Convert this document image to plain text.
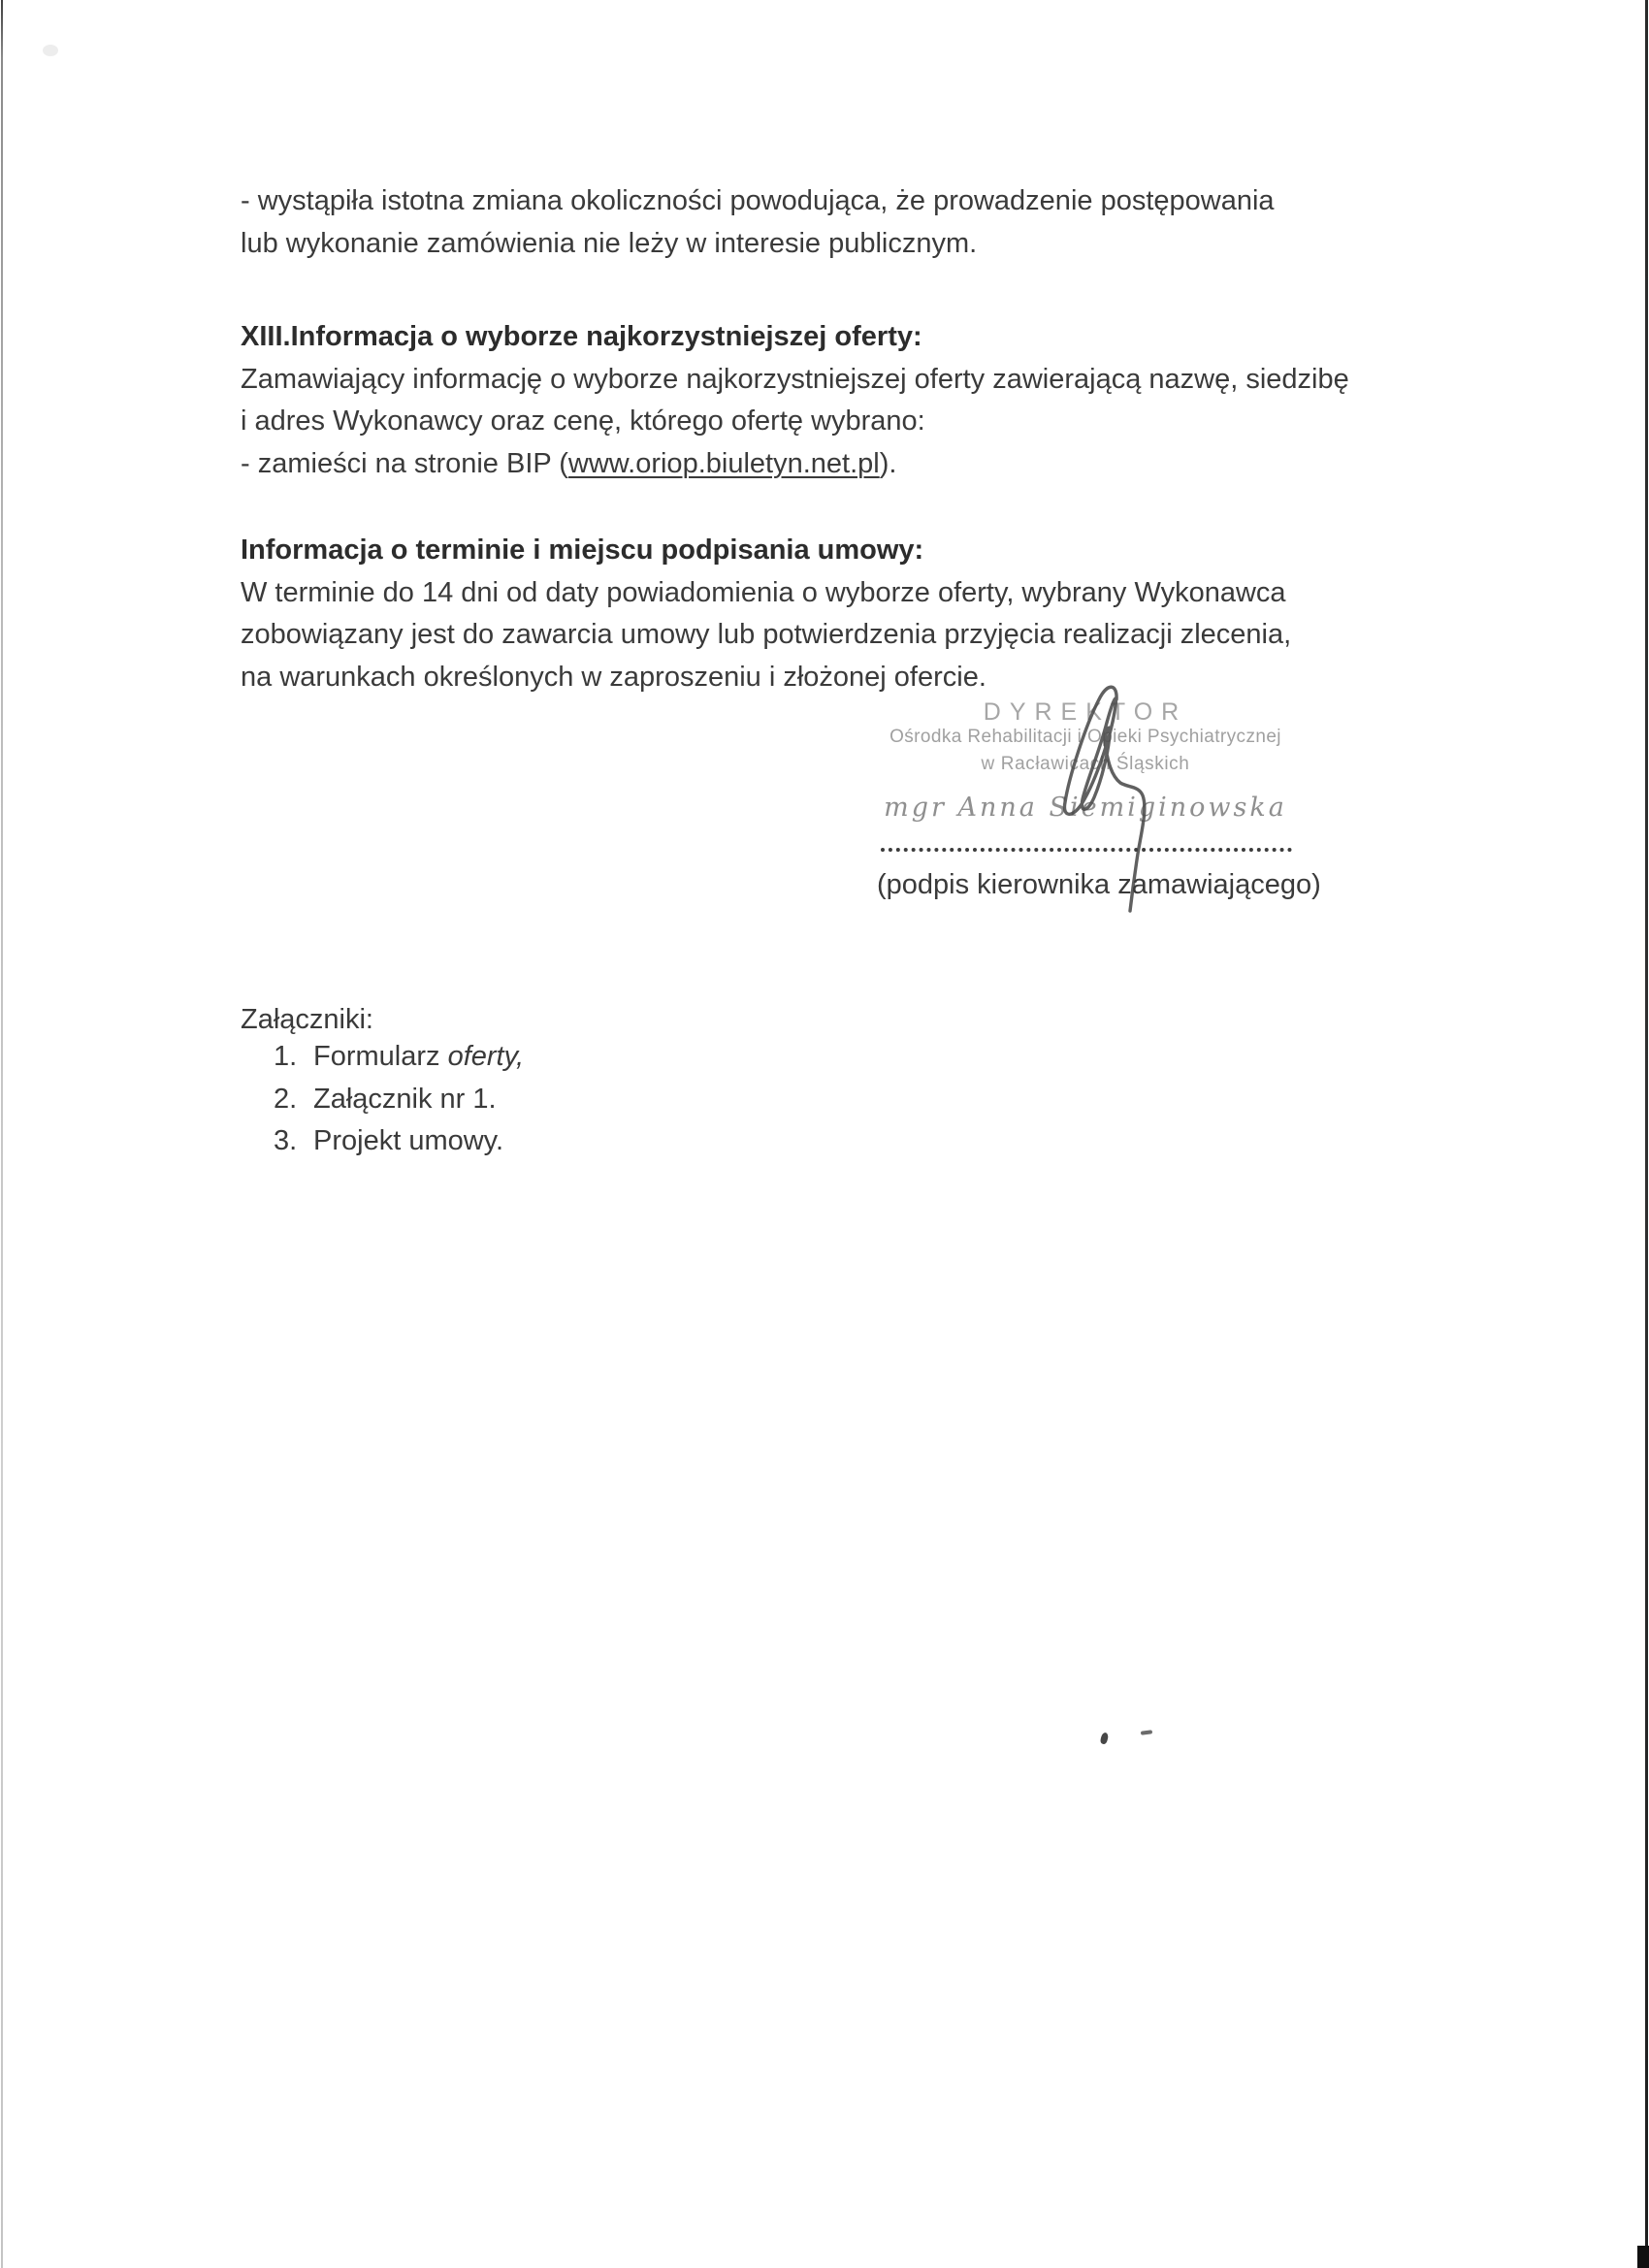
- wystąpiła istotna zmiana okoliczności powodująca, że prowadzenie postępowania
lub wykonanie zamówienia nie leży w interesie publicznym.
XIII.Informacja o wyborze najkorzystniejszej oferty:
Zamawiający informację o wyborze najkorzystniejszej oferty zawierającą nazwę, siedzibę
i adres Wykonawcy oraz cenę, którego ofertę wybrano:
- zamieści na stronie BIP (www.oriop.biuletyn.net.pl).
Informacja o terminie i miejscu podpisania umowy:
W terminie do 14 dni od daty powiadomienia o wyborze oferty, wybrany Wykonawca
zobowiązany jest do zawarcia umowy lub potwierdzenia przyjęcia realizacji zlecenia,
na warunkach określonych w zaproszeniu i złożonej ofercie.
DYREKTOR
Ośrodka Rehabilitacji i Opieki Psychiatrycznej
w Racławicach Śląskich
mgr Anna Siemiginowska
(podpis kierownika zamawiającego)
Załączniki:
1. Formularz oferty,
2. Załącznik nr 1.
3. Projekt umowy.
